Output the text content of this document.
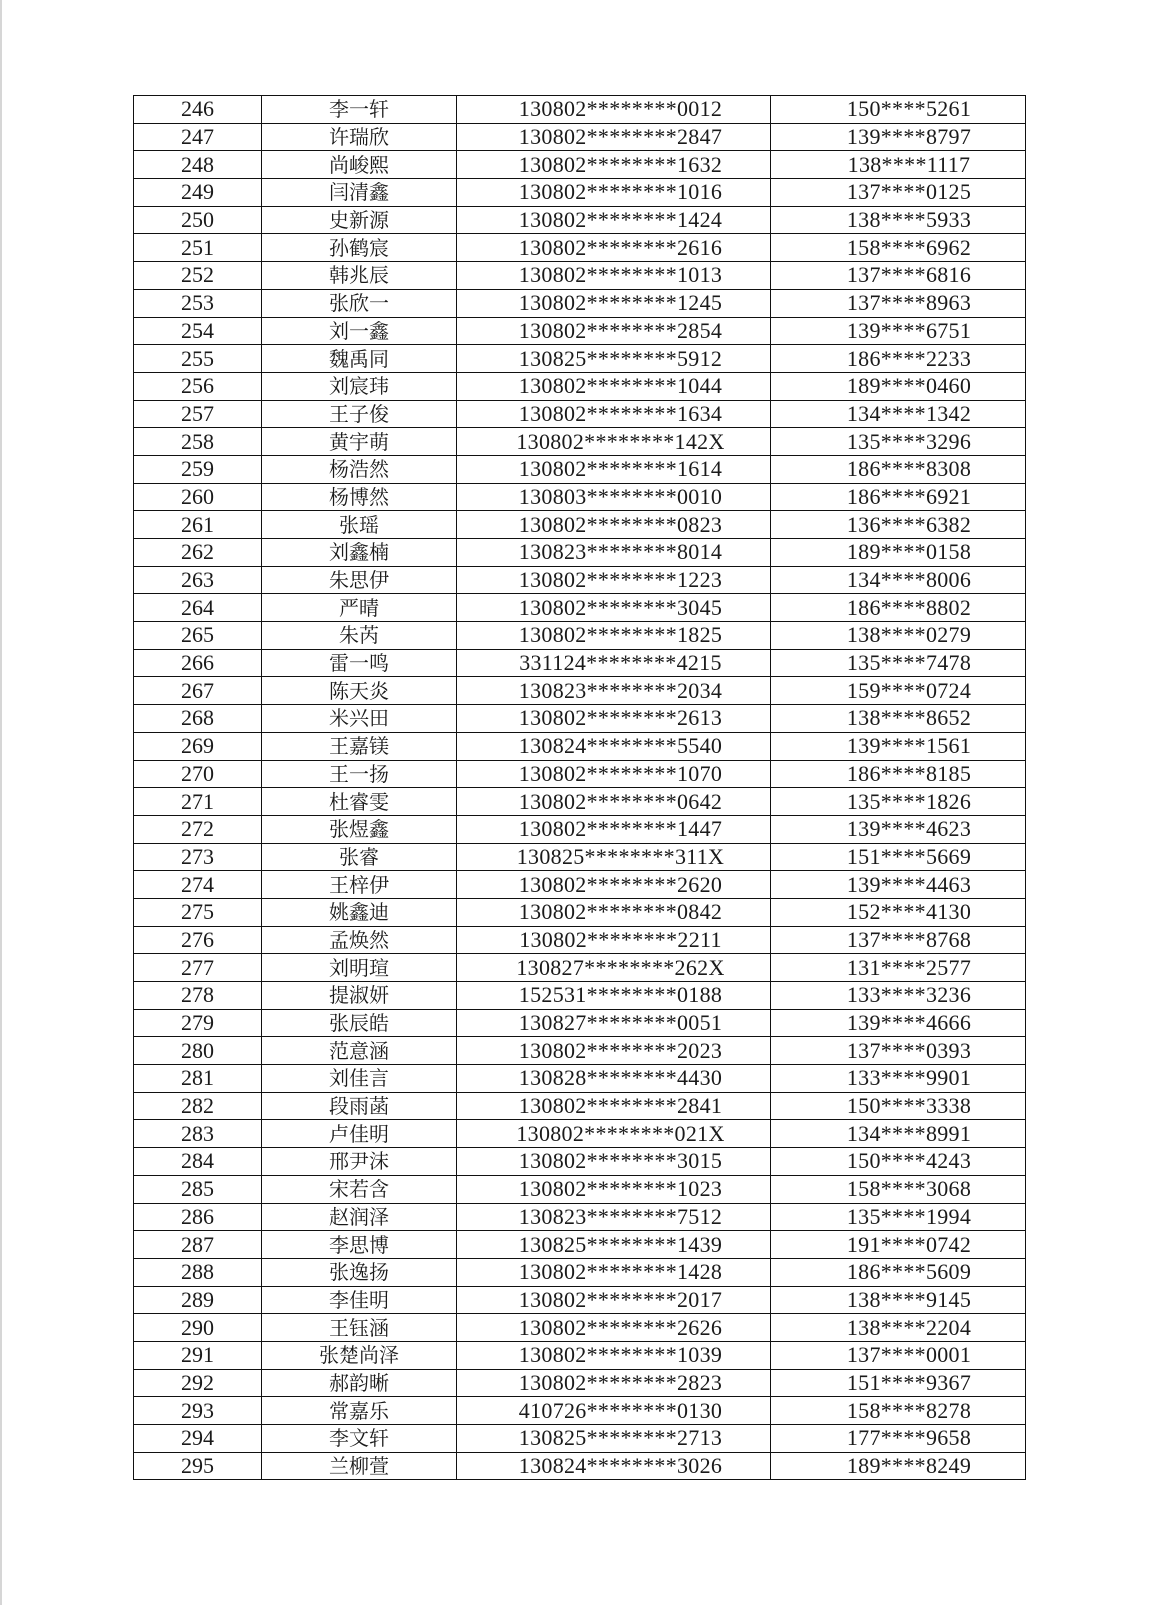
246	李一轩	130802********0012	150****5261
247	许瑞欣	130802********2847	139****8797
248	尚峻熙	130802********1632	138****1117
249	闫清鑫	130802********1016	137****0125
250	史新源	130802********1424	138****5933
251	孙鹤宸	130802********2616	158****6962
252	韩兆辰	130802********1013	137****6816
253	张欣一	130802********1245	137****8963
254	刘一鑫	130802********2854	139****6751
255	魏禹同	130825********5912	186****2233
256	刘宸玮	130802********1044	189****0460
257	王子俊	130802********1634	134****1342
258	黄宇萌	130802********142X	135****3296
259	杨浩然	130802********1614	186****8308
260	杨博然	130803********0010	186****6921
261	张瑶	130802********0823	136****6382
262	刘鑫楠	130823********8014	189****0158
263	朱思伊	130802********1223	134****8006
264	严晴	130802********3045	186****8802
265	朱芮	130802********1825	138****0279
266	雷一鸣	331124********4215	135****7478
267	陈天炎	130823********2034	159****0724
268	米兴田	130802********2613	138****8652
269	王嘉镁	130824********5540	139****1561
270	王一扬	130802********1070	186****8185
271	杜睿雯	130802********0642	135****1826
272	张煜鑫	130802********1447	139****4623
273	张睿	130825********311X	151****5669
274	王梓伊	130802********2620	139****4463
275	姚鑫迪	130802********0842	152****4130
276	孟焕然	130802********2211	137****8768
277	刘明瑄	130827********262X	131****2577
278	提淑妍	152531********0188	133****3236
279	张辰皓	130827********0051	139****4666
280	范意涵	130802********2023	137****0393
281	刘佳言	130828********4430	133****9901
282	段雨菡	130802********2841	150****3338
283	卢佳明	130802********021X	134****8991
284	邢尹沫	130802********3015	150****4243
285	宋若含	130802********1023	158****3068
286	赵润泽	130823********7512	135****1994
287	李思博	130825********1439	191****0742
288	张逸扬	130802********1428	186****5609
289	李佳明	130802********2017	138****9145
290	王钰涵	130802********2626	138****2204
291	张楚尚泽	130802********1039	137****0001
292	郝韵晰	130802********2823	151****9367
293	常嘉乐	410726********0130	158****8278
294	李文轩	130825********2713	177****9658
295	兰柳萱	130824********3026	189****8249
